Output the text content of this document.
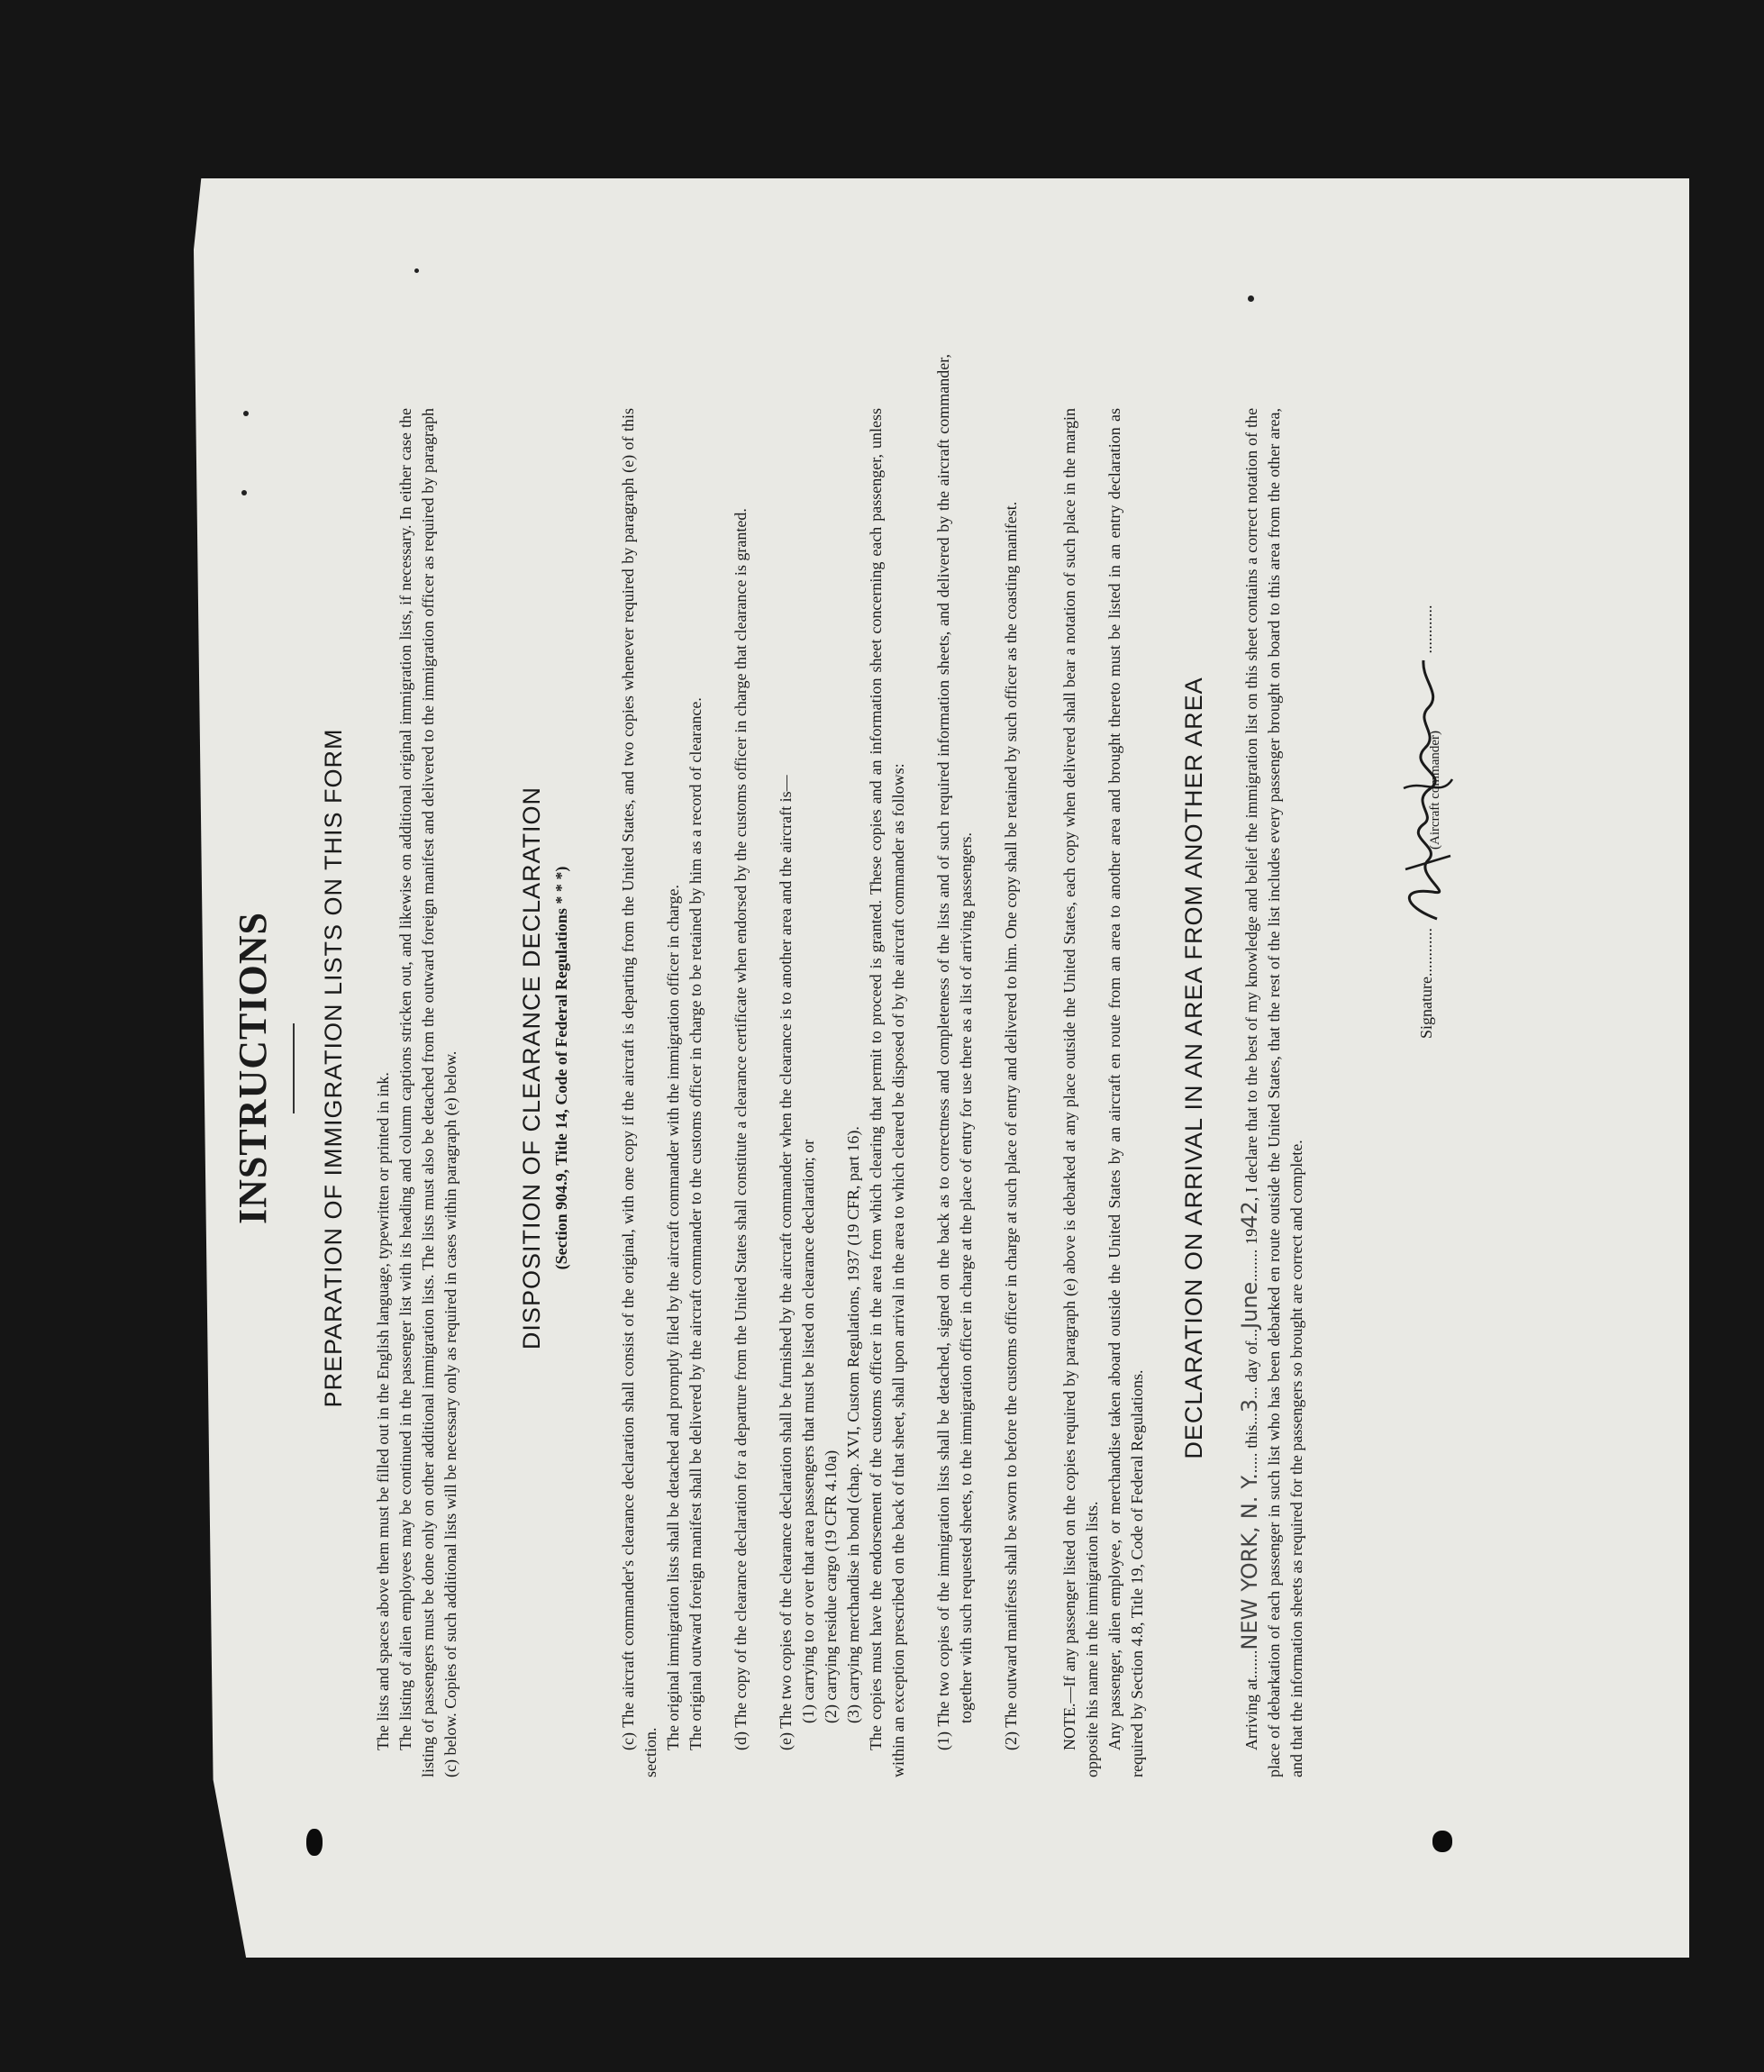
INSTRUCTIONS PREPARATION OF IMMIGRATION LISTS ON THIS FORM

The lists and spaces above them must be filled out in the English language, typewritten or printed in ink. The listing of alien employees may be continued in the passenger list with its heading and column captions stricken out, and likewise on additional original immigration lists, if necessary. In either case the listing of passengers must be done only on other additional immigration lists. The lists must also be detached from the outward foreign manifest and delivered to the immigration officer as required by paragraph (c) below. Copies of such additional lists will be necessary only as required in cases within paragraph (e) below. DISPOSITION OF CLEARANCE DECLARATION (Section 904.9, Title 14, Code of Federal Regulations * * *)	(c) The aircraft commander's clearance declaration shall consist of the original, with one copy if the aircraft is departing from the United States, and two copies whenever required by paragraph (e) of this section.

The original immigration lists shall be detached and promptly filed by the aircraft commander with the immigration officer in charge. The original outward foreign manifest shall be delivered by the aircraft commander to the customs officer in charge to be retained by him as a record of clearance. (d) The copy of the clearance declaration for a departure from the United States shall constitute a clearance certificate when endorsed by the customs officer in charge that clearance is granted. (e) The two copies of the clearance declaration shall be furnished by the aircraft commander when the clearance is to another area and the aircraft is— (1) carrying to or over that area passengers that must be listed on clearance declaration; or (2) carrying residue cargo (19 CFR 4.10a) (3) carrying merchandise in bond (chap. XVI, Custom Regulations, 1937 (19 CFR, part 16). The copies must have the endorsement of the customs officer in the area from which clearing that permit to proceed is granted. These copies and an information sheet concerning each passenger, unless within an exception prescribed on the back of that sheet, shall upon arrival in the area to which cleared be disposed of by the aircraft commander as follows: (1) The two copies of the immigration lists shall be detached, signed on the back as to correctness and completeness of the lists and of such required information sheets, and delivered by the aircraft commander, together with such requested sheets, to the immigration officer in charge at the place of entry for use there as a list of arriving passengers. (2) The outward manifests shall be sworn to before the customs officer in charge at such place of entry and delivered to him. One copy shall be retained by such officer as the coasting manifest.	NOTE.—If any passenger listed on the copies required by paragraph (e) above is debarked at any place outside the United States, each copy when delivered shall bear a notation of such place in the margin opposite his name in the immigration lists. Any passenger, alien employee, or merchandise taken aboard outside the United States by an aircraft en route from an area to another area and brought thereto must be listed in an entry declaration as required by Section 4.8, Title 19, Code of Federal Regulations.

DECLARATION ON ARRIVAL IN AN AREA FROM ANOTHER AREA

Arriving at.......NEW YORK, N. Y...... this...3... day of...June........ 1942, I declare that to the best of my knowledge and belief the immigration list on this sheet contains a correct notation of the place of debarkation of each passenger in such list who has been debarked en route outside the United States, that the rest of the list includes every passenger brought on board to this area from the other area, and that the information sheets as required for the passengers so brought are correct and complete.

Signature............ ............
(Aircraft commander)
